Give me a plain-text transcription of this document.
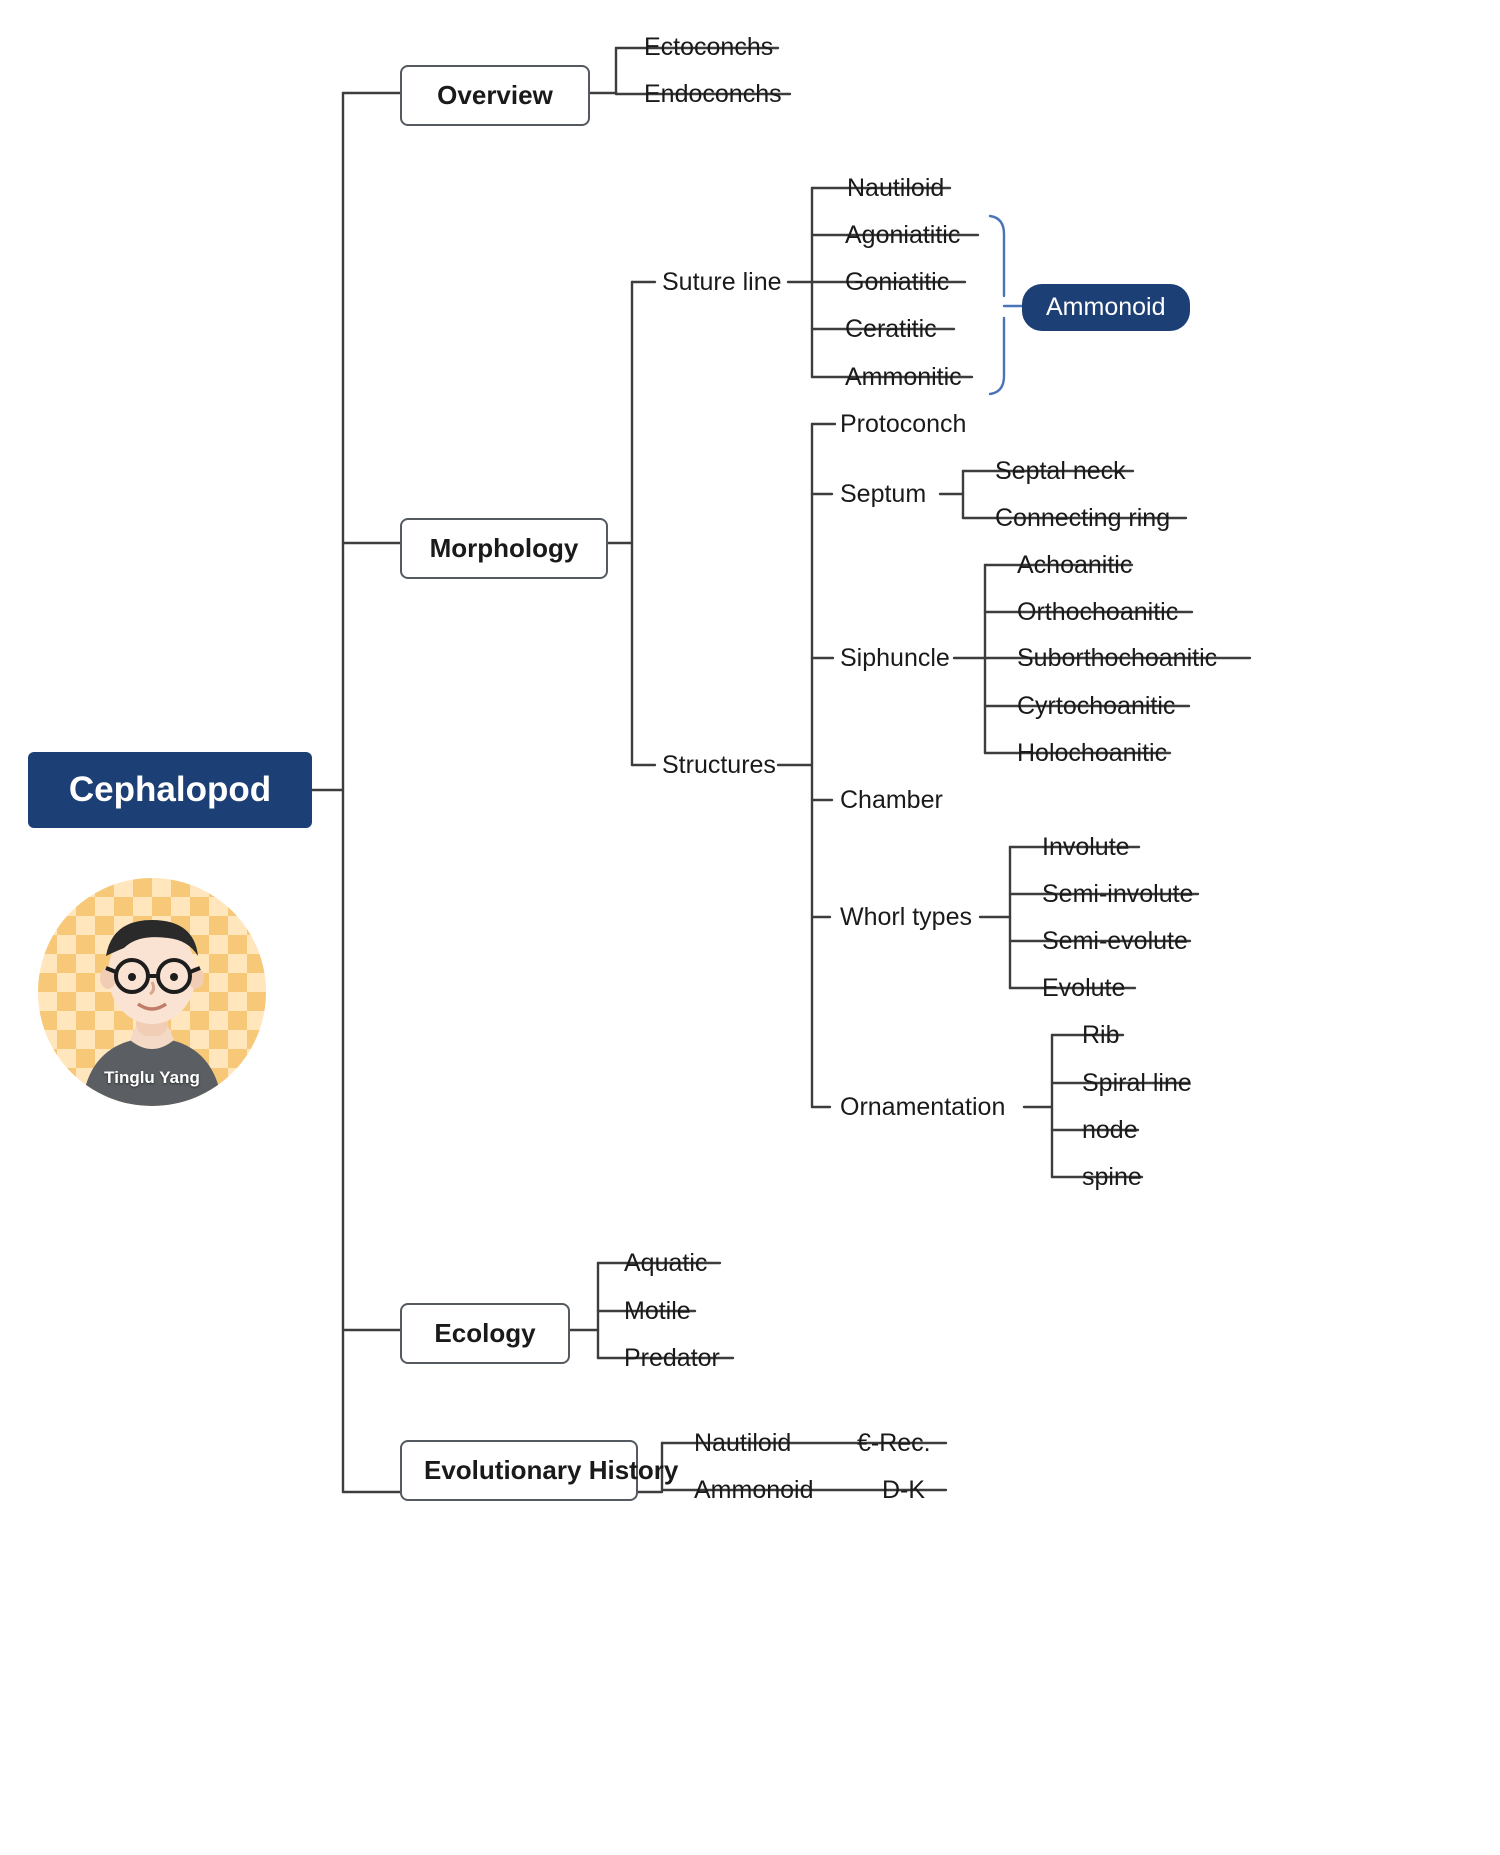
Cephalopod
Tinglu Yang
Overview
Ectoconchs
Endoconchs
Morphology
Suture line
Structures
Nautiloid
Agoniatitic
Goniatitic
Ceratitic
Ammonitic
Ammonoid
Protoconch
Septum
Septal neck
Connecting ring
Siphuncle
Achoanitic
Orthochoanitic
Suborthochoanitic
Cyrtochoanitic
Holochoanitic
Chamber
Whorl types
Involute
Semi-involute
Semi-evolute
Evolute
Ornamentation
Rib
Spiral line
node
spine
Ecology
Aquatic
Motile
Predator
Evolutionary History
Nautiloid	€-Rec.
Ammonoid	D-K
